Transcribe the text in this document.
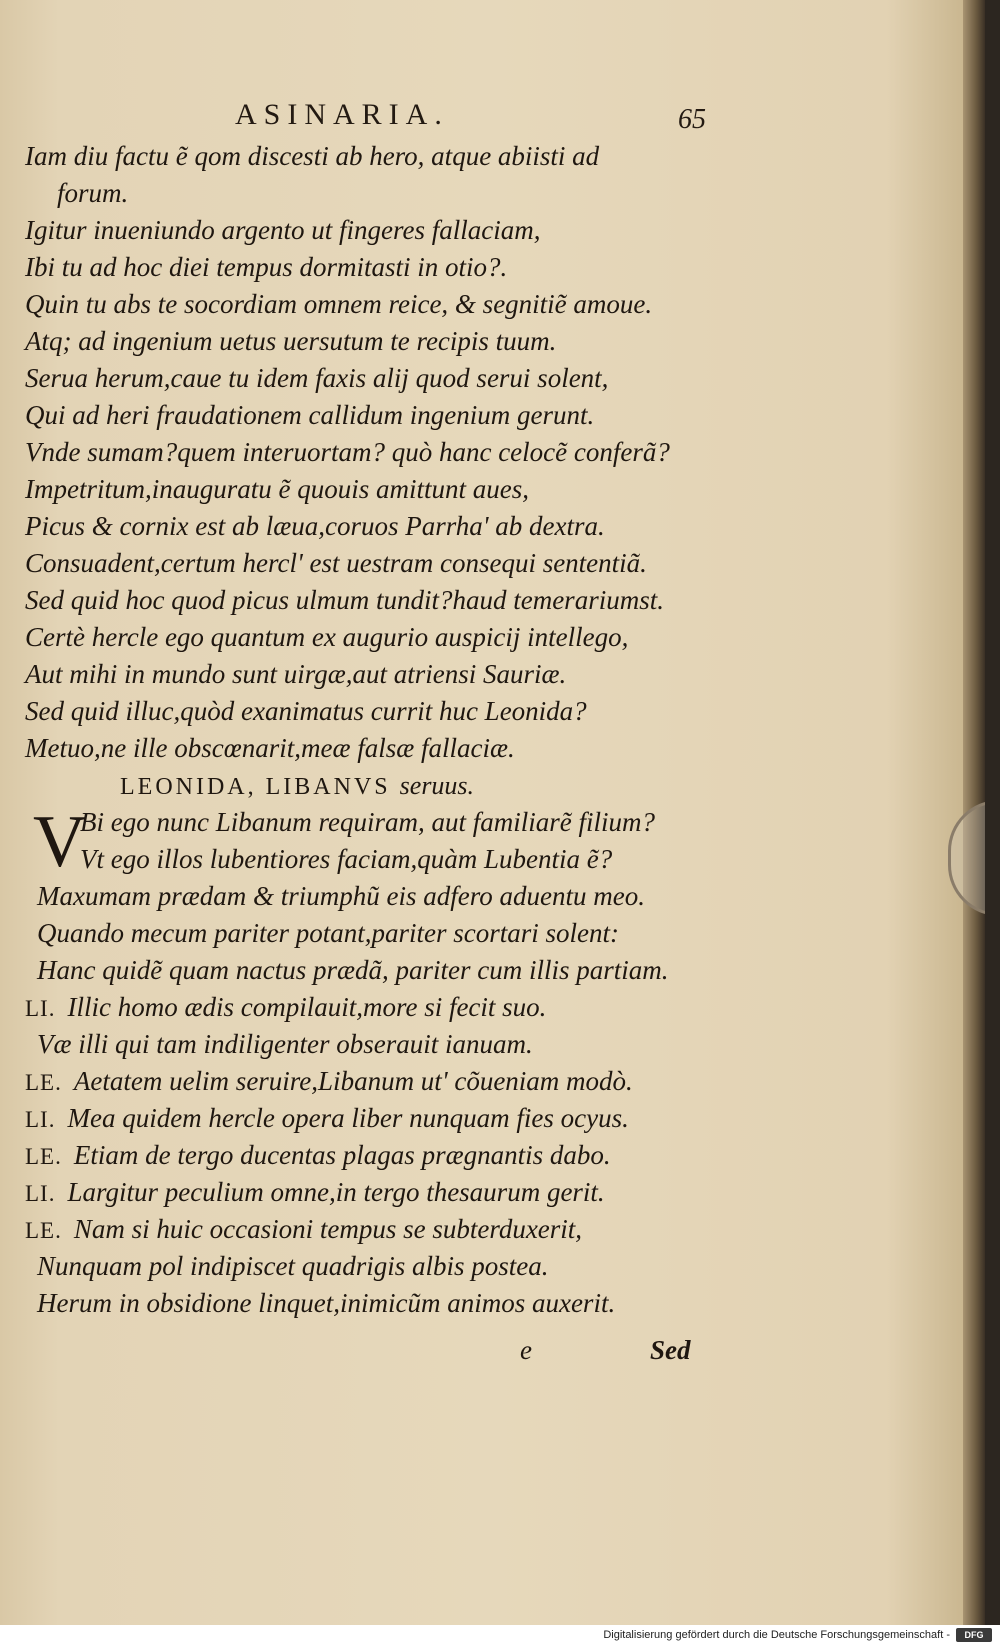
ASINARIA.	65
Iam diu factu ẽ qom discesti ab hero, atque abiisti ad
forum.
Igitur inueniundo argento ut fingeres fallaciam,
Ibi tu ad hoc diei tempus dormitasti in otio?.
Quin tu abs te socordiam omnem reice, & segnitiẽ amoue.
Atq; ad ingenium uetus uersutum te recipis tuum.
Serua herum,caue tu idem faxis alij quod serui solent,
Qui ad heri fraudationem callidum ingenium gerunt.
Vnde sumam?quem interuortam? quò hanc celocẽ conferã?
Impetritum,inauguratu ẽ quouis amittunt aues,
Picus & cornix est ab læua,coruos Parrha' ab dextra.
Consuadent,certum hercl' est uestram consequi sententiã.
Sed quid hoc quod picus ulmum tundit?haud temerariumst.
Certè hercle ego quantum ex augurio auspicij intellego,
Aut mihi in mundo sunt uirgæ,aut atriensi Sauriæ.
Sed quid illuc,quòd exanimatus currit huc Leonida?
Metuo,ne ille obscœnarit,meæ falsæ fallaciæ.
LEONIDA, LIBANVS seruus.
V
Bi ego nunc Libanum requiram, aut familiarẽ filium?
Vt ego illos lubentiores faciam,quàm Lubentia ẽ?
Maxumam prædam & triumphũ eis adfero aduentu meo.
Quando mecum pariter potant,pariter scortari solent:
Hanc quidẽ quam nactus prædã, pariter cum illis partiam.
LI. Illic homo ædis compilauit,more si fecit suo.
Væ illi qui tam indiligenter obserauit ianuam.
LE. Aetatem uelim seruire,Libanum ut' cõueniam modò.
LI. Mea quidem hercle opera liber nunquam fies ocyus.
LE. Etiam de tergo ducentas plagas prægnantis dabo.
LI. Largitur peculium omne,in tergo thesaurum gerit.
LE. Nam si huic occasioni tempus se subterduxerit,
Nunquam pol indipiscet quadrigis albis postea.
Herum in obsidione linquet,inimicũm animos auxerit.
e	Sed
Digitalisierung gefördert durch die Deutsche Forschungsgemeinschaft -	DFG
